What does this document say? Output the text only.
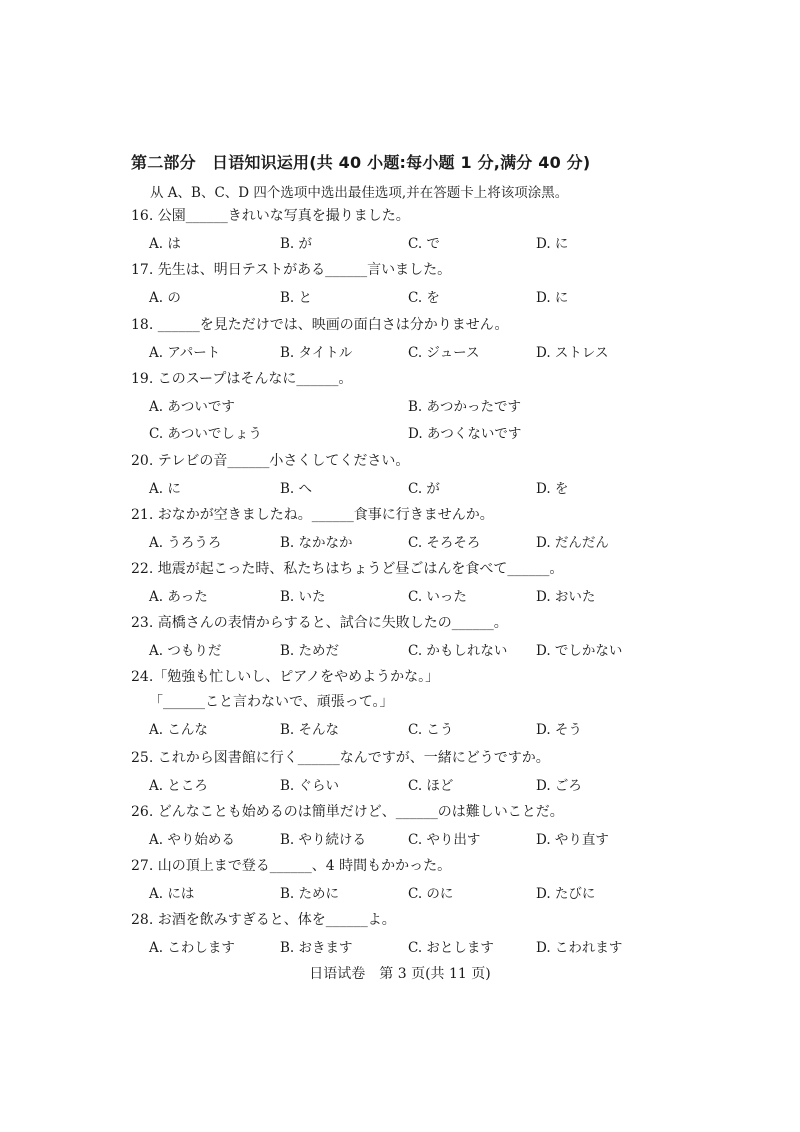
第二部分　日语知识运用(共 40 小题:每小题 1 分,满分 40 分)
从 A、B、C、D 四个选项中选出最佳选项,并在答题卡上将该项涂黑。
16. 公園______きれいな写真を撮りました。
A. は	B. が	C. で	D. に
17. 先生は、明日テストがある______言いました。
A. の	B. と	C. を	D. に
18. ______を見ただけでは、映画の面白さは分かりません。
A. アパート	B. タイトル	C. ジュース	D. ストレス
19. このスープはそんなに______。
A. あついです	B. あつかったです
C. あついでしょう	D. あつくないです
20. テレビの音______小さくしてください。
A. に	B. へ	C. が	D. を
21. おなかが空きましたね。______食事に行きませんか。
A. うろうろ	B. なかなか	C. そろそろ	D. だんだん
22. 地震が起こった時、私たちはちょうど昼ごはんを食べて______。
A. あった	B. いた	C. いった	D. おいた
23. 高橋さんの表情からすると、試合に失敗したの______。
A. つもりだ	B. ためだ	C. かもしれない D. でしかない
24.「勉強も忙しいし、ピアノをやめようかな。」
「______こと言わないで、頑張って。」
A. こんな	B. そんな	C. こう	D. そう
25. これから図書館に行く______なんですが、一緒にどうですか。
A. ところ	B. ぐらい	C. ほど	D. ごろ
26. どんなことも始めるのは簡単だけど、______のは難しいことだ。
A. やり始める	B. やり続ける	C. やり出す	D. やり直す
27. 山の頂上まで登る______、4 時間もかかった。
A. には	B. ために	C. のに	D. たびに
28. お酒を飲みすぎると、体を______よ。
A. こわします	B. おきます	C. おとします	D. こわれます
日语试卷　第 3 页(共 11 页)
